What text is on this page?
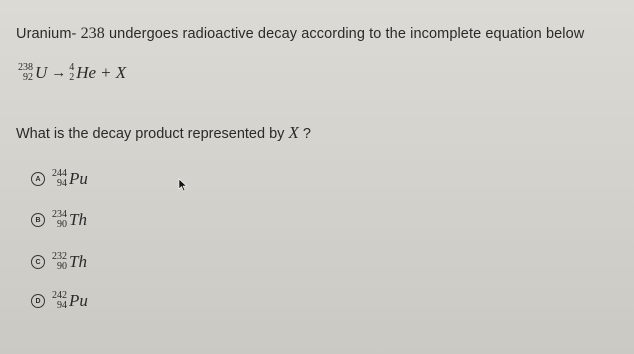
Uranium- 238 undergoes radioactive decay according to the incomplete equation below
238
92 U → 4
2 He + X
What is the decay product represented by X ?
A	244
94 Pu
B	234
90 Th
C	232
90 Th
D	242
94 Pu
